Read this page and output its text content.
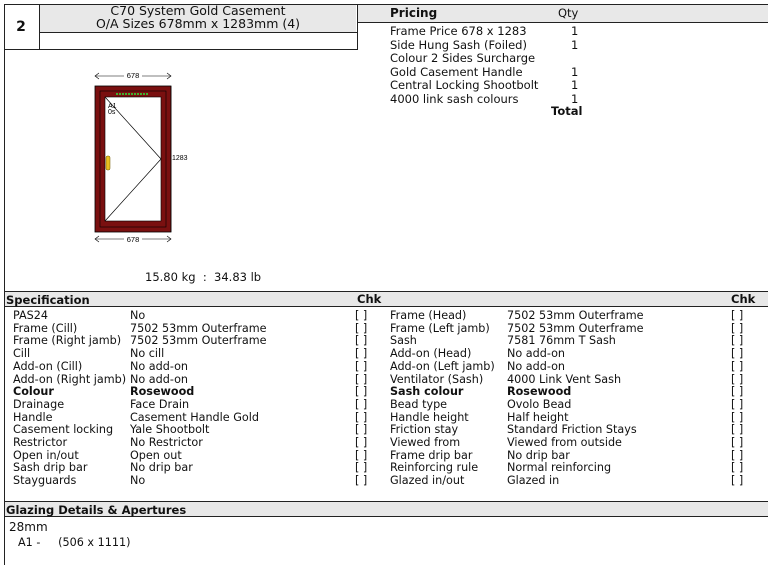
2
C70 System Gold Casement
O/A Sizes 678mm x 1283mm (4)
Pricing	Qty
Frame Price 678 x 1283	1
Side Hung Sash (Foiled)	1
Colour 2 Sides Surcharge
Gold Casement Handle	1
Central Locking Shootbolt	1
4000 link sash colours	1
Total
678
A1
0s
1283
678
15.80 kg  :  34.83 lb
Specification	Chk	Chk
PAS24	No	[ ]
Frame (Cill)	7502 53mm Outerframe	[ ]
Frame (Right jamb) 7502 53mm Outerframe	[ ]
Cill	No cill	[ ]
Add-on (Cill)	No add-on	[ ]
Add-on (Right jamb) No add-on	[ ]
Colour	Rosewood	[ ]
Drainage	Face Drain	[ ]
Handle	Casement Handle Gold	[ ]
Casement locking Yale Shootbolt	[ ]
Restrictor	No Restrictor	[ ]
Open in/out	Open out	[ ]
Sash drip bar	No drip bar	[ ]
Stayguards	No	[ ]
Frame (Head)	7502 53mm Outerframe	[ ]
Frame (Left jamb) 7502 53mm Outerframe	[ ]
Sash	7581 76mm T Sash	[ ]
Add-on (Head)	No add-on	[ ]
Add-on (Left jamb) No add-on	[ ]
Ventilator (Sash) 4000 Link Vent Sash	[ ]
Sash colour	Rosewood	[ ]
Bead type	Ovolo Bead	[ ]
Handle height	Half height	[ ]
Friction stay	Standard Friction Stays	[ ]
Viewed from	Viewed from outside	[ ]
Frame drip bar	No drip bar	[ ]
Reinforcing rule	Normal reinforcing	[ ]
Glazed in/out	Glazed in	[ ]
Glazing Details & Apertures
28mm
A1 -     (506 x 1111)
